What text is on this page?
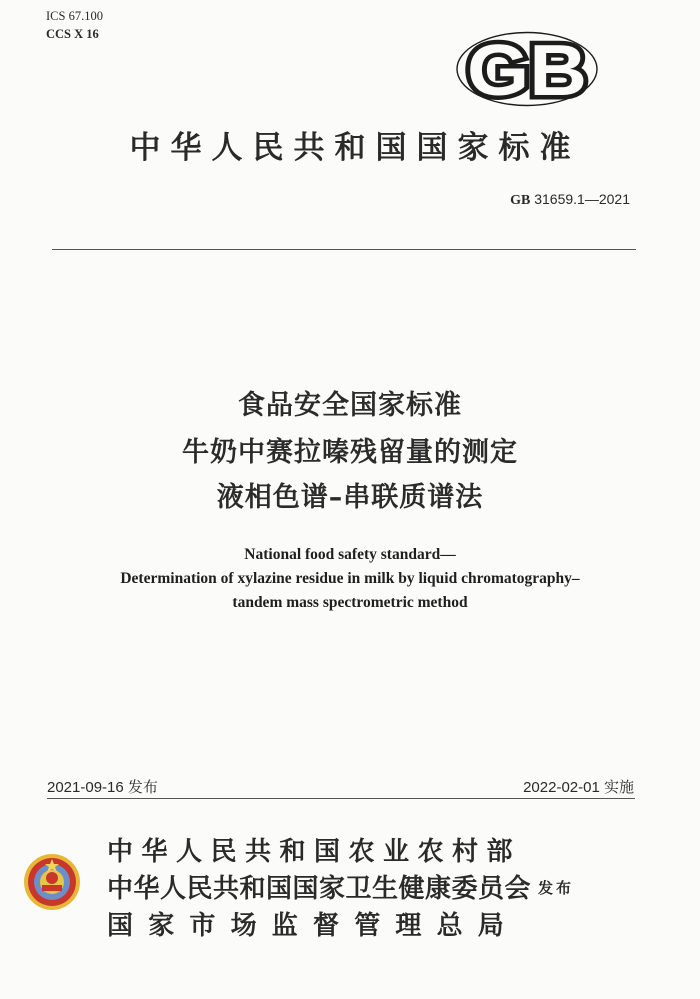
ICS 67.100
CCS X 16	GB
中华人民共和国国家标准
GB 31659.1—2021
食品安全国家标准
牛奶中赛拉嗪残留量的测定
液相色谱–串联质谱法
National food safety standard—
Determination of xylazine residue in milk by liquid chromatography–
tandem mass spectrometric method
2021-09-16 发布	2022-02-01 实施
中华人民共和国农业农村部
中华人民共和国国家卫生健康委员会
国家市场监督管理总局
发布
